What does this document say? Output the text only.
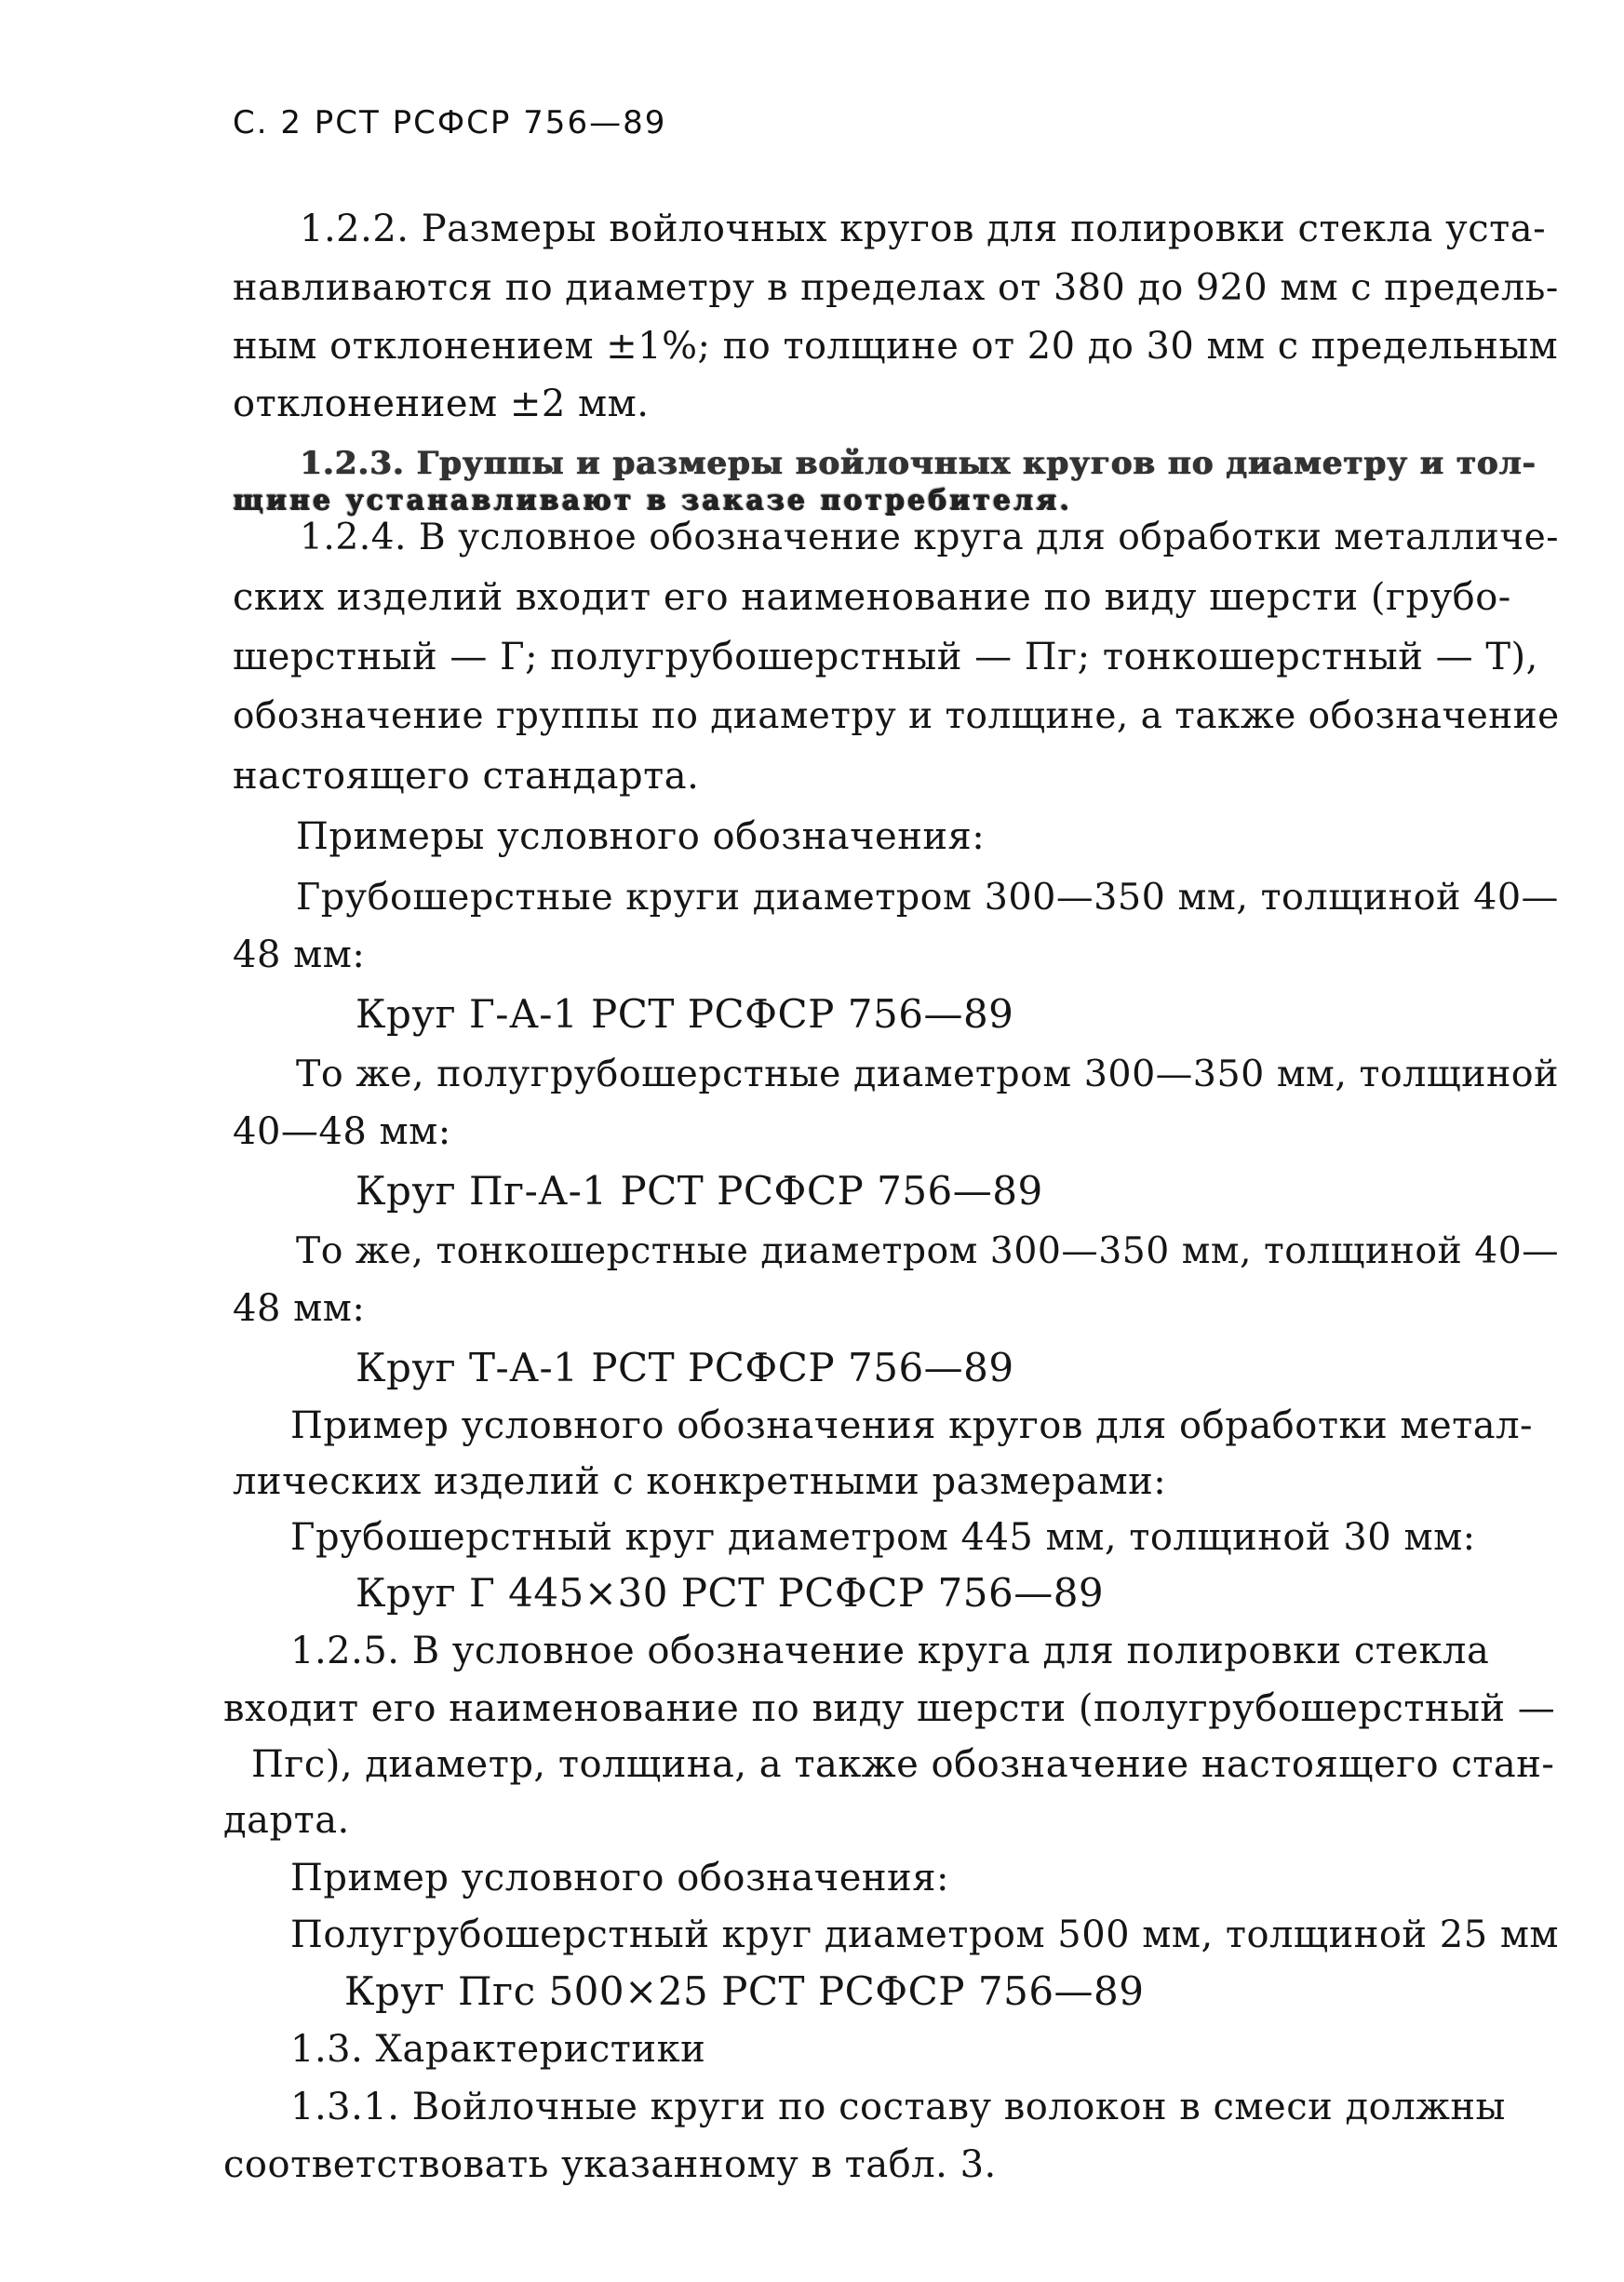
С. 2 РСТ РСФСР 756—89
1.2.2. Размеры войлочных кругов для полировки стекла уста-
навливаются по диаметру в пределах от 380 до 920 мм с предель-
ным отклонением ±1%; по толщине от 20 до 30 мм с предельным
отклонением ±2 мм.
1.2.3. Группы и размеры войлочных кругов по диаметру и тол-
щине устанавливают в заказе потребителя.
1.2.4. В условное обозначение круга для обработки металличе-
ских изделий входит его наименование по виду шерсти (грубо-
шерстный — Г; полугрубошерстный — Пг; тонкошерстный — Т),
обозначение группы по диаметру и толщине, а также обозначение
настоящего стандарта.
Примеры условного обозначения:
Грубошерстные круги диаметром 300—350 мм, толщиной 40—
48 мм:
Круг Г-А-1 РСТ РСФСР 756—89
То же, полугрубошерстные диаметром 300—350 мм, толщиной
40—48 мм:
Круг Пг-А-1 РСТ РСФСР 756—89
То же, тонкошерстные диаметром 300—350 мм, толщиной 40—
48 мм:
Круг Т-А-1 РСТ РСФСР 756—89
Пример условного обозначения кругов для обработки метал-
лических изделий с конкретными размерами:
Грубошерстный круг диаметром 445 мм, толщиной 30 мм:
Круг Г 445×30 РСТ РСФСР 756—89
1.2.5. В условное обозначение круга для полировки стекла
входит его наименование по виду шерсти (полугрубошерстный —
Пгс), диаметр, толщина, а также обозначение настоящего стан-
дарта.
Пример условного обозначения:
Полугрубошерстный круг диаметром 500 мм, толщиной 25 мм
Круг Пгс 500×25 РСТ РСФСР 756—89
1.3. Характеристики
1.3.1. Войлочные круги по составу волокон в смеси должны
соответствовать указанному в табл. 3.
